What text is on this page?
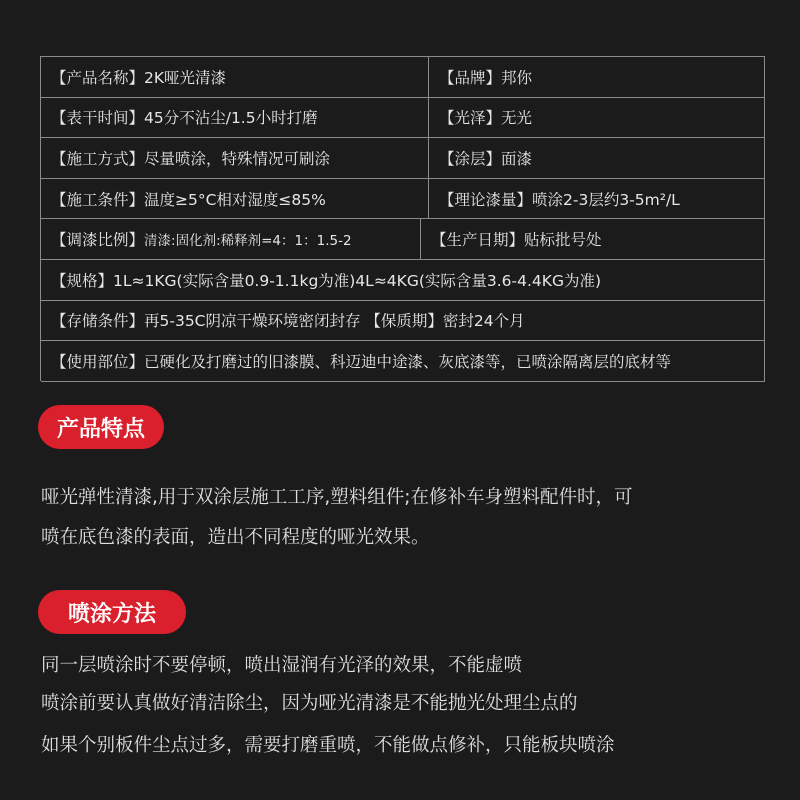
【产品名称】2K哑光清漆	【品牌】邦你
【表干时间】45分不沾尘/1.5小时打磨	【光泽】无光
【施工方式】尽量喷涂，特殊情况可刷涂	【涂层】面漆
【施工条件】温度≥5°C相对湿度≤85%	【理论漆量】喷涂2-3层约3-5m²/L
【调漆比例】 清漆:固化剂:稀释剂=4：1：1.5-2	【生产日期】贴标批号处
【规格】1L≈1KG(实际含量0.9-1.1kg为准)4L≈4KG(实际含量3.6-4.4KG为准)
【存储条件】再5-35C阴凉干燥环境密闭封存 【保质期】密封24个月
【使用部位】已硬化及打磨过的旧漆膜、科迈迪中途漆、灰底漆等，已喷涂隔离层的底材等
产品特点
哑光弹性清漆,用于双涂层施工工序,塑料组件;在修补车身塑料配件时，可
喷在底色漆的表面，造出不同程度的哑光效果。
喷涂方法
同一层喷涂时不要停顿，喷出湿润有光泽的效果，不能虚喷
喷涂前要认真做好清洁除尘，因为哑光清漆是不能抛光处理尘点的
如果个别板件尘点过多，需要打磨重喷，不能做点修补，只能板块喷涂
